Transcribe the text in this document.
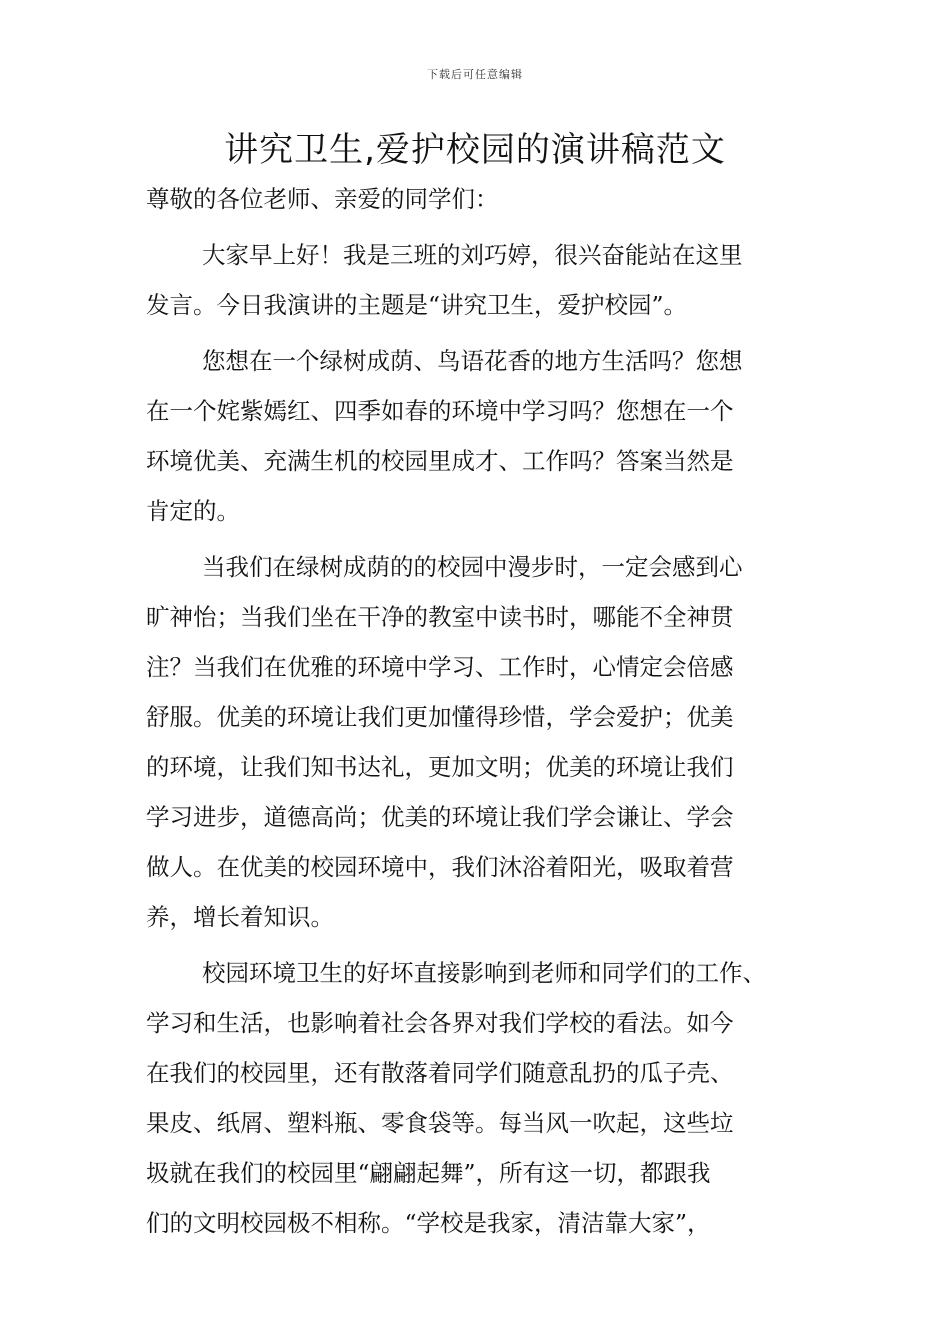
下载后可任意编辑
讲究卫生,爱护校园的演讲稿范文
尊敬的各位老师、亲爱的同学们：
大家早上好！我是三班的刘巧婷，很兴奋能站在这里
发言。今日我演讲的主题是“讲究卫生，爱护校园”。
您想在一个绿树成荫、鸟语花香的地方生活吗？您想
在一个姹紫嫣红、四季如春的环境中学习吗？您想在一个
环境优美、充满生机的校园里成才、工作吗？答案当然是
肯定的。
当我们在绿树成荫的的校园中漫步时，一定会感到心
旷神怡；当我们坐在干净的教室中读书时，哪能不全神贯
注？当我们在优雅的环境中学习、工作时，心情定会倍感
舒服。优美的环境让我们更加懂得珍惜，学会爱护；优美
的环境，让我们知书达礼，更加文明；优美的环境让我们
学习进步，道德高尚；优美的环境让我们学会谦让、学会
做人。在优美的校园环境中，我们沐浴着阳光，吸取着营
养，增长着知识。
校园环境卫生的好坏直接影响到老师和同学们的工作、
学习和生活，也影响着社会各界对我们学校的看法。如今
在我们的校园里，还有散落着同学们随意乱扔的瓜子壳、
果皮、纸屑、塑料瓶、零食袋等。每当风一吹起，这些垃
圾就在我们的校园里“翩翩起舞”，所有这一切，都跟我
们的文明校园极不相称。“学校是我家，清洁靠大家”，
